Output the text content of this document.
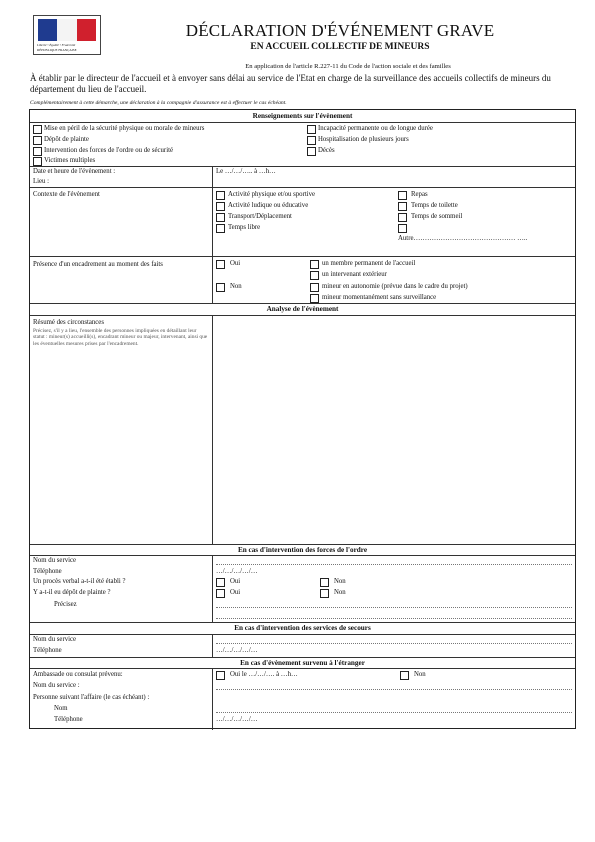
Liberté • Égalité • Fraternité
RÉPUBLIQUE FRANÇAISE
DÉCLARATION D'ÉVÉNEMENT GRAVE
EN ACCUEIL COLLECTIF DE MINEURS
En application de l'article R.227-11 du Code de l'action sociale et des familles
À établir par le directeur de l'accueil et à envoyer sans délai au service de l'Etat en charge de la surveillance des accueils collectifs de mineurs du département du lieu de l'accueil.
Complémentairement à cette démarche, une déclaration à la compagnie d'assurance est à effectuer le cas échéant.
Renseignements sur l'évènement
Mise en péril de la sécurité physique ou morale de mineurs	Incapacité permanente ou de longue durée
Dépôt de plainte	Hospitalisation de plusieurs jours
Intervention des forces de l'ordre ou de sécurité	Décès
Victimes multiples
Date et heure de l'évènement :
Lieu :
Le …/…/….. à …h…
Contexte de l'évènement	Activité physique et/ou sportive	Repas
Activité ludique ou éducative	Temps de toilette
Transport/Déplacement	Temps de sommeil
Temps libre
Autre……………………………………… …..
Présence d'un encadrement au moment des faits	Oui	un membre permanent de l'accueil
un intervenant extérieur
Non	mineur en autonomie (prévue dans le cadre du projet)
mineur momentanément sans surveillance
Analyse de l'évènement
Résumé des circonstances
Précisez, s'il y a lieu, l'ensemble des personnes impliquées en détaillant leur statut : mineur(s) accueilli(s), encadrant mineur ou majeur, intervenant, ainsi que les éventuelles mesures prises par l'encadrement.
En cas d'intervention des forces de l'ordre
Nom du service
Téléphone	…/…/…/…/…
Un procès verbal a-t-il été établi ?	Oui	Non
Y a-t-il eu dépôt de plainte ?	Oui	Non
Précisez
En cas d'intervention des services de secours
Nom du service
Téléphone	…/…/…/…/…
En cas d'évènement survenu à l'étranger
Ambassade ou consulat prévenu:	Oui le …/…/…. à …h…	Non
Nom du service :
Personne suivant l'affaire (le cas échéant) :
Nom
Téléphone	…/…/…/…/…
